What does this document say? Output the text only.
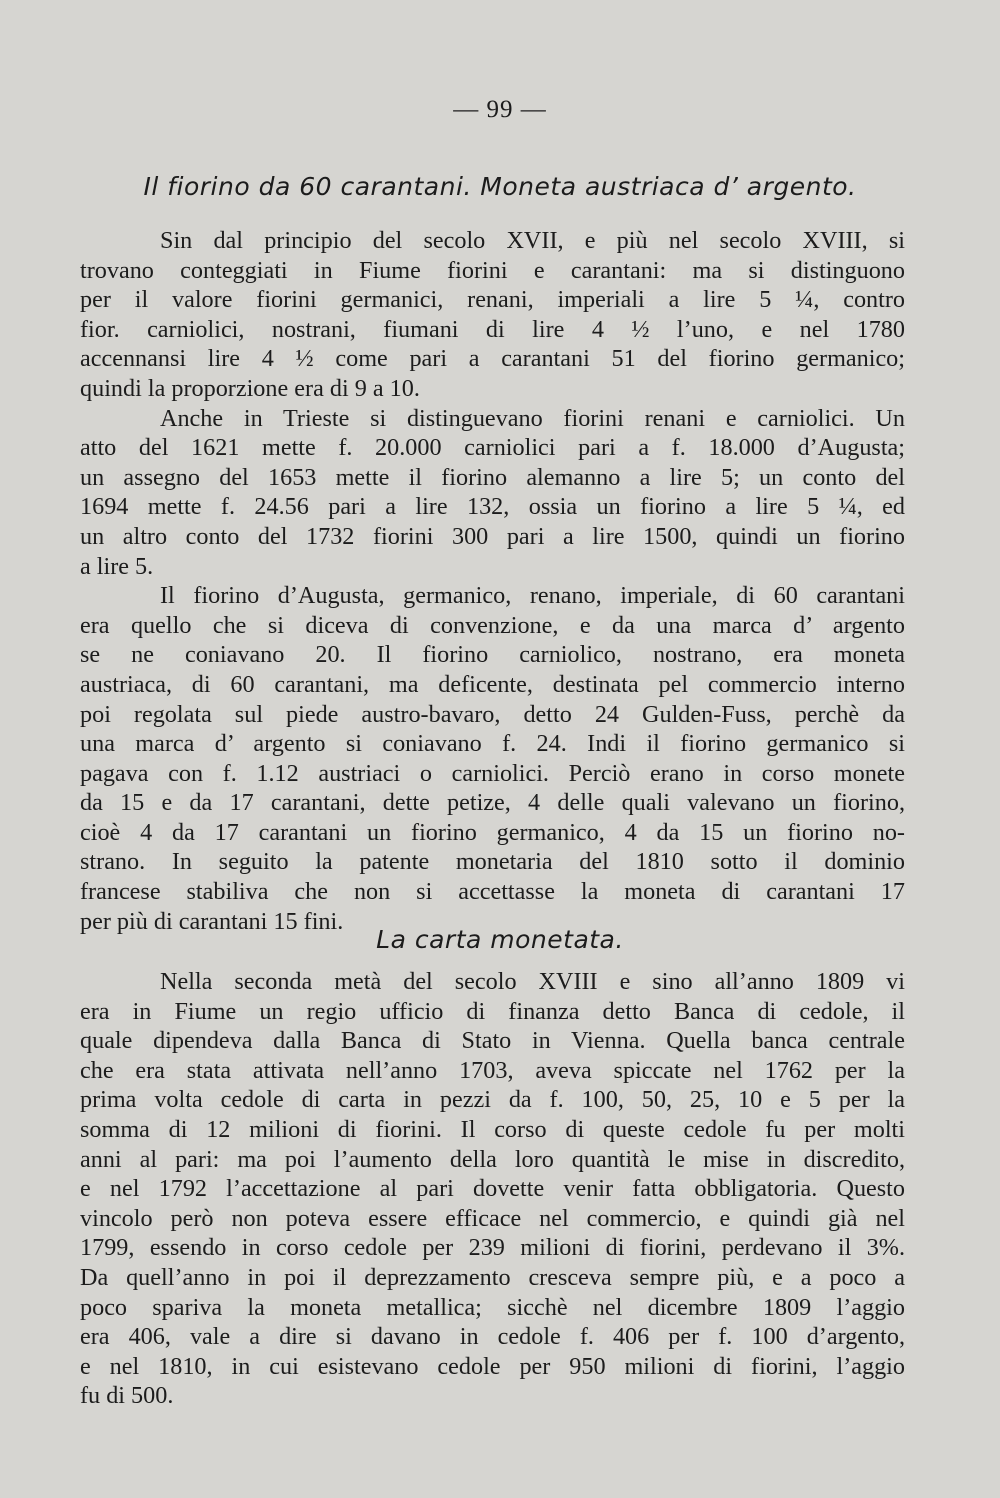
— 99 —
Il fiorino da 60 carantani. Moneta austriaca d’ argento.
Sin dal principio del secolo XVII, e più nel secolo XVIII, si
trovano conteggiati in Fiume fiorini e carantani: ma si distinguono
per il valore fiorini germanici, renani, imperiali a lire 5 ¼, contro
fior. carniolici, nostrani, fiumani di lire 4 ½ l’uno, e nel 1780
accennansi lire 4 ½ come pari a carantani 51 del fiorino germanico;
quindi la proporzione era di 9 a 10.
Anche in Trieste si distinguevano fiorini renani e carniolici. Un
atto del 1621 mette f. 20.000 carniolici pari a f. 18.000 d’Augusta;
un assegno del 1653 mette il fiorino alemanno a lire 5; un conto del
1694 mette f. 24.56 pari a lire 132, ossia un fiorino a lire 5 ¼, ed
un altro conto del 1732 fiorini 300 pari a lire 1500, quindi un fiorino
a lire 5.
Il fiorino d’Augusta, germanico, renano, imperiale, di 60 carantani
era quello che si diceva di convenzione, e da una marca d’ argento
se ne coniavano 20. Il fiorino carniolico, nostrano, era moneta
austriaca, di 60 carantani, ma deficente, destinata pel commercio interno
poi regolata sul piede austro-bavaro, detto 24 Gulden-Fuss, perchè da
una marca d’ argento si coniavano f. 24. Indi il fiorino germanico si
pagava con f. 1.12 austriaci o carniolici. Perciò erano in corso monete
da 15 e da 17 carantani, dette petize, 4 delle quali valevano un fiorino,
cioè 4 da 17 carantani un fiorino germanico, 4 da 15 un fiorino no-
strano. In seguito la patente monetaria del 1810 sotto il dominio
francese stabiliva che non si accettasse la moneta di carantani 17
per più di carantani 15 fini.
La carta monetata.
Nella seconda metà del secolo XVIII e sino all’anno 1809 vi
era in Fiume un regio ufficio di finanza detto Banca di cedole, il
quale dipendeva dalla Banca di Stato in Vienna. Quella banca centrale
che era stata attivata nell’anno 1703, aveva spiccate nel 1762 per la
prima volta cedole di carta in pezzi da f. 100, 50, 25, 10 e 5 per la
somma di 12 milioni di fiorini. Il corso di queste cedole fu per molti
anni al pari: ma poi l’aumento della loro quantità le mise in discredito,
e nel 1792 l’accettazione al pari dovette venir fatta obbligatoria. Questo
vincolo però non poteva essere efficace nel commercio, e quindi già nel
1799, essendo in corso cedole per 239 milioni di fiorini, perdevano il 3%.
Da quell’anno in poi il deprezzamento cresceva sempre più, e a poco a
poco spariva la moneta metallica; sicchè nel dicembre 1809 l’aggio
era 406, vale a dire si davano in cedole f. 406 per f. 100 d’argento,
e nel 1810, in cui esistevano cedole per 950 milioni di fiorini, l’aggio
fu di 500.
